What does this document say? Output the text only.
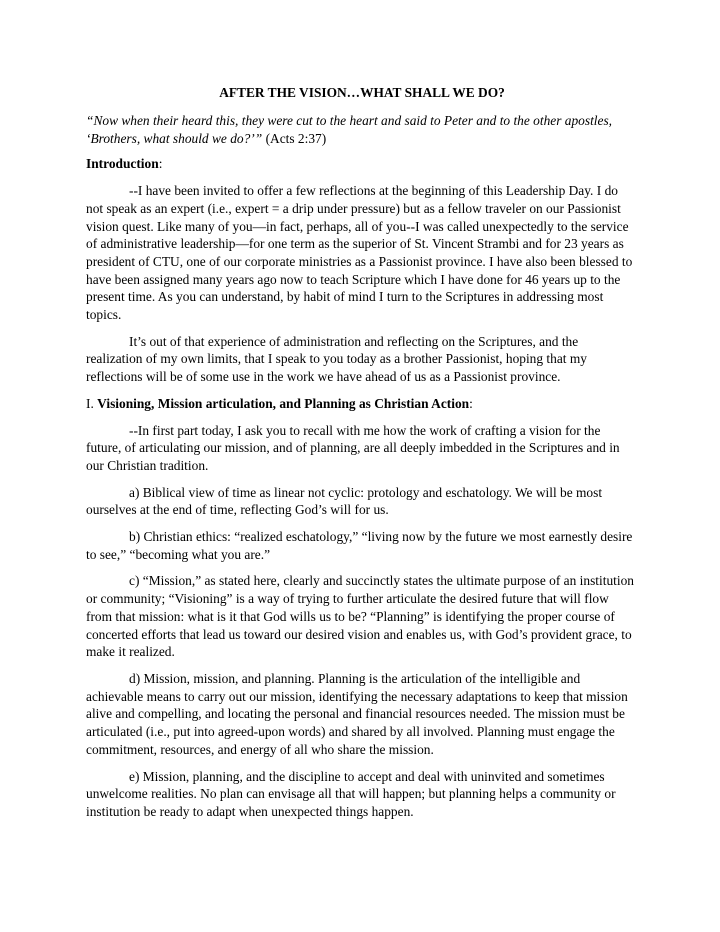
AFTER THE VISION…WHAT SHALL WE DO?

“Now when their heard this, they were cut to the heart and said to Peter and to the other apostles, ‘Brothers, what should we do?’” (Acts 2:37)

Introduction:

--I have been invited to offer a few reflections at the beginning of this Leadership Day. I do not speak as an expert (i.e., expert = a drip under pressure) but as a fellow traveler on our Passionist vision quest. Like many of you—in fact, perhaps, all of you--I was called unexpectedly to the service of administrative leadership—for one term as the superior of St. Vincent Strambi and for 23 years as president of CTU, one of our corporate ministries as a Passionist province. I have also been blessed to have been assigned many years ago now to teach Scripture which I have done for 46 years up to the present time. As you can understand, by habit of mind I turn to the Scriptures in addressing most topics.

It’s out of that experience of administration and reflecting on the Scriptures, and the realization of my own limits, that I speak to you today as a brother Passionist, hoping that my reflections will be of some use in the work we have ahead of us as a Passionist province.

I. Visioning, Mission articulation, and Planning as Christian Action:

--In first part today, I ask you to recall with me how the work of crafting a vision for the future, of articulating our mission, and of planning, are all deeply imbedded in the Scriptures and in our Christian tradition.

a) Biblical view of time as linear not cyclic: protology and eschatology. We will be most ourselves at the end of time, reflecting God’s will for us.

b) Christian ethics: “realized eschatology,” “living now by the future we most earnestly desire to see,” “becoming what you are.”

c) “Mission,” as stated here, clearly and succinctly states the ultimate purpose of an institution or community; “Visioning” is a way of trying to further articulate the desired future that will flow from that mission: what is it that God wills us to be? “Planning” is identifying the proper course of concerted efforts that lead us toward our desired vision and enables us, with God’s provident grace, to make it realized.

d) Mission, mission, and planning. Planning is the articulation of the intelligible and achievable means to carry out our mission, identifying the necessary adaptations to keep that mission alive and compelling, and locating the personal and financial resources needed. The mission must be articulated (i.e., put into agreed-upon words) and shared by all involved. Planning must engage the commitment, resources, and energy of all who share the mission.

e) Mission, planning, and the discipline to accept and deal with uninvited and sometimes unwelcome realities. No plan can envisage all that will happen; but planning helps a community or institution be ready to adapt when unexpected things happen.
